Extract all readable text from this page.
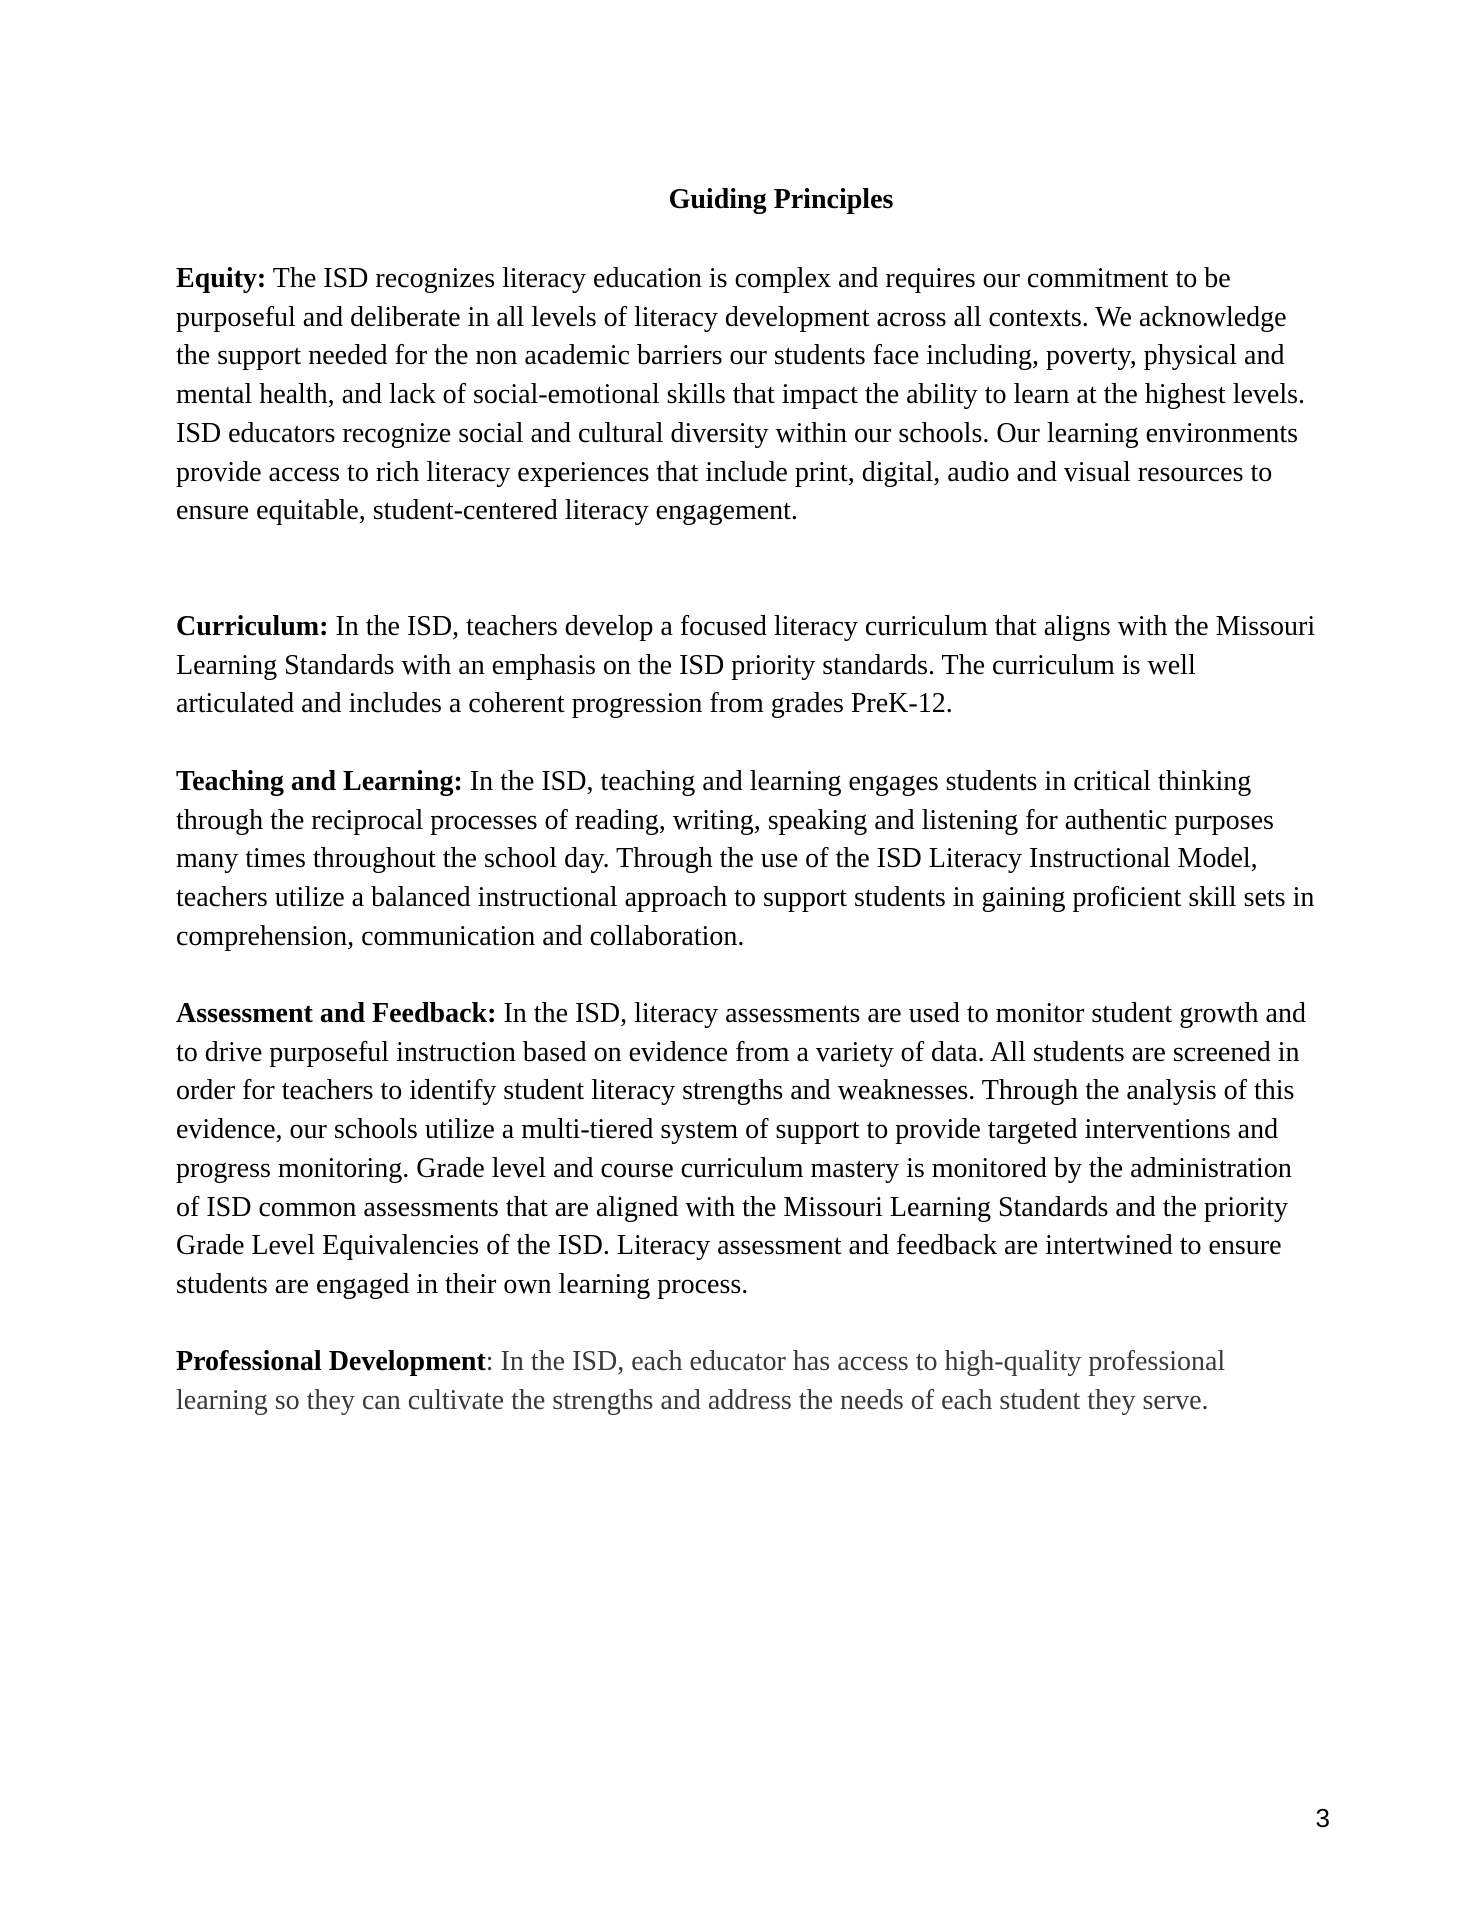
Guiding Principles

Equity: The ISD recognizes literacy education is complex and requires our commitment to be purposeful and deliberate in all levels of literacy development across all contexts. We acknowledge the support needed for the non academic barriers our students face including, poverty, physical and mental health, and lack of social-emotional skills that impact the ability to learn at the highest levels. ISD educators recognize social and cultural diversity within our schools. Our learning environments provide access to rich literacy experiences that include print, digital, audio and visual resources to ensure equitable, student-centered literacy engagement.

Curriculum: In the ISD, teachers develop a focused literacy curriculum that aligns with the Missouri Learning Standards with an emphasis on the ISD priority standards. The curriculum is well articulated and includes a coherent progression from grades PreK-12.

Teaching and Learning: In the ISD, teaching and learning engages students in critical thinking through the reciprocal processes of reading, writing, speaking and listening for authentic purposes many times throughout the school day. Through the use of the ISD Literacy Instructional Model, teachers utilize a balanced instructional approach to support students in gaining proficient skill sets in comprehension, communication and collaboration.

Assessment and Feedback: In the ISD, literacy assessments are used to monitor student growth and to drive purposeful instruction based on evidence from a variety of data. All students are screened in order for teachers to identify student literacy strengths and weaknesses. Through the analysis of this evidence, our schools utilize a multi-tiered system of support to provide targeted interventions and progress monitoring. Grade level and course curriculum mastery is monitored by the administration of ISD common assessments that are aligned with the Missouri Learning Standards and the priority Grade Level Equivalencies of the ISD. Literacy assessment and feedback are intertwined to ensure students are engaged in their own learning process.

Professional Development: In the ISD, each educator has access to high-quality professional learning so they can cultivate the strengths and address the needs of each student they serve.

3
